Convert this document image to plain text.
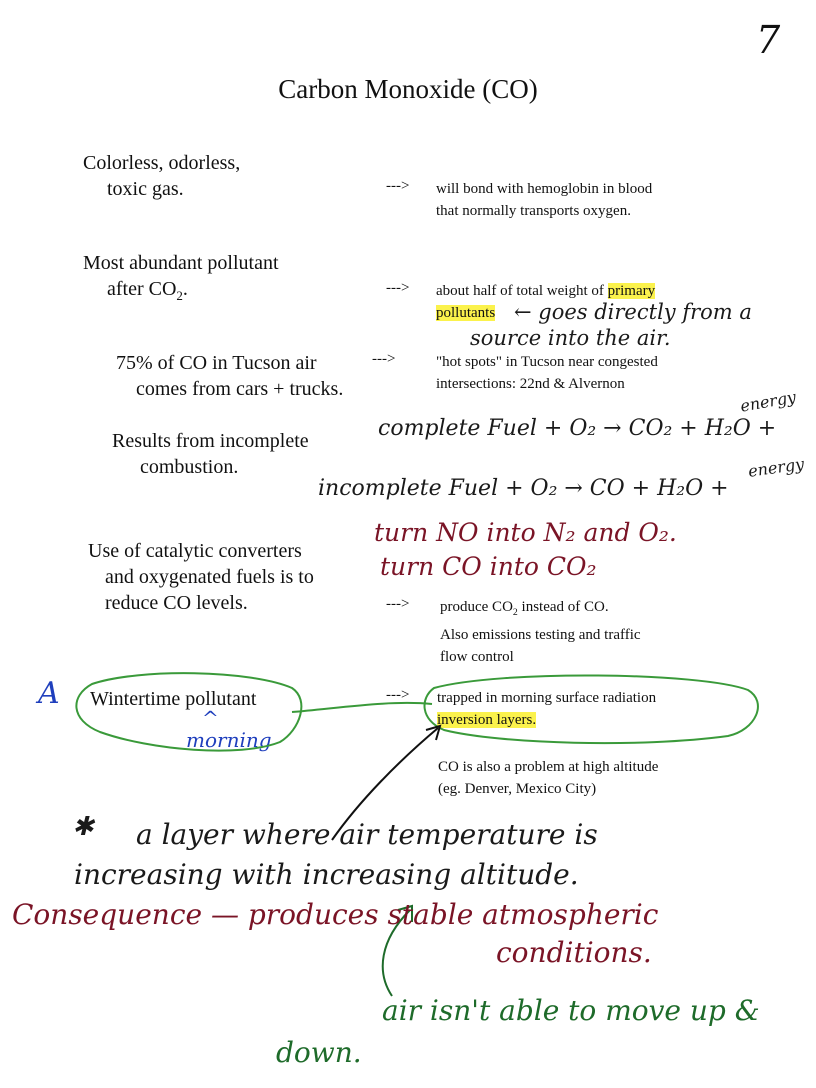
7
Carbon Monoxide (CO)
Colorless, odorless,
toxic gas.	---> will bond with hemoglobin in blood
that normally transports oxygen.
Most abundant pollutant
after $CO_2$.	---> about half of total weight of primary
pollutants ← goes directly from a
source into the air.
75% of CO in Tucson air
comes from cars + trucks.
--->	"hot spots" in Tucson near congested
intersections: 22nd & Alvernon
Results from incomplete
combustion.
complete Fuel + O₂ → CO₂ + H₂O +
energy
incomplete Fuel + O₂ → CO + H₂O +
energy
Use of catalytic converters
and oxygenated fuels is to
reduce CO levels.
turn NO into N₂ and O₂.
turn CO into CO₂
---> produce $CO_2$ instead of CO.
Also emissions testing and traffic
flow control
A Wintertime pollutant
^
morning
---> trapped in morning surface radiation
inversion layers.
CO is also a problem at high altitude
(eg. Denver, Mexico City)
✱ a layer where air temperature is
increasing with increasing altitude.
Consequence — produces stable atmospheric
conditions.
air isn't able to move up &
down.
